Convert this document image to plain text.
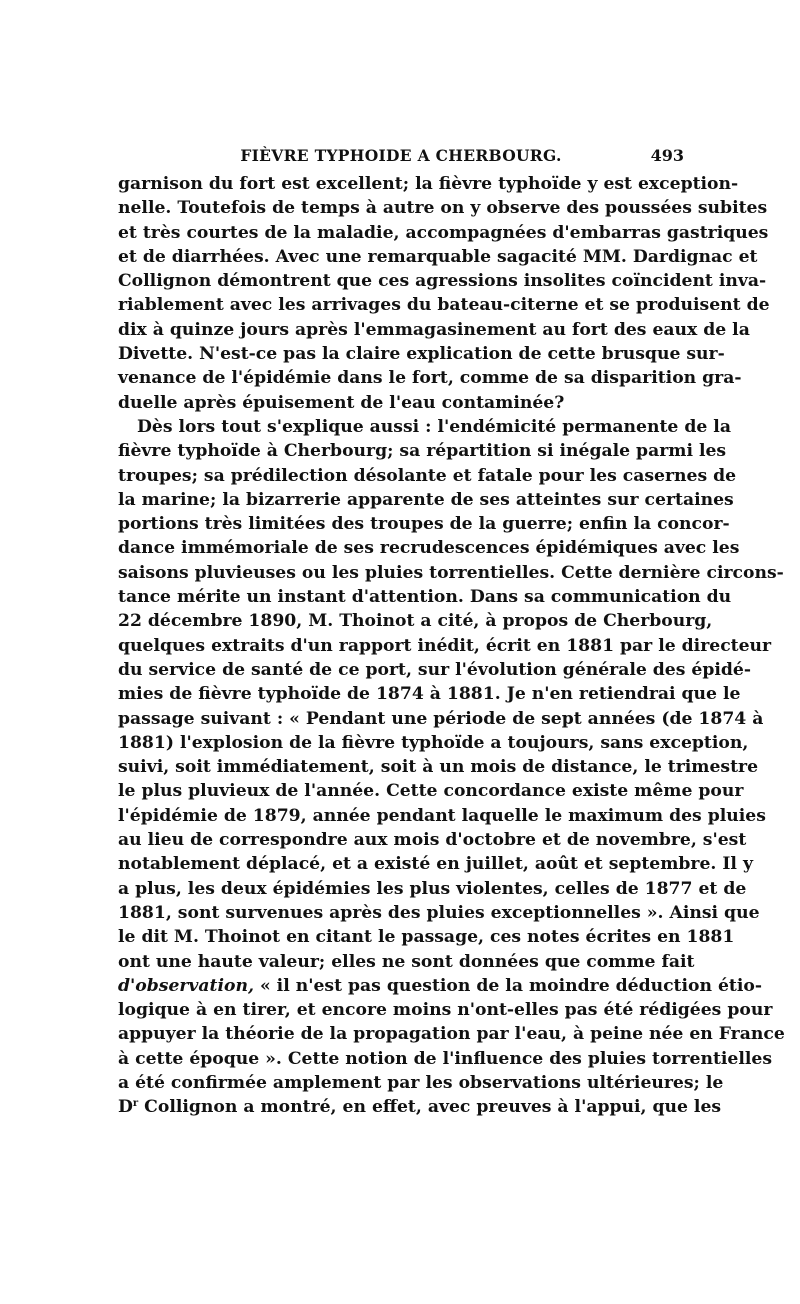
FIÈVRE TYPHOIDE A CHERBOURG.	493
garnison du fort est excellent; la fièvre typhoïde y est exception-
nelle. Toutefois de temps à autre on y observe des poussées subites
et très courtes de la maladie, accompagnées d'embarras gastriques
et de diarrhées. Avec une remarquable sagacité MM. Dardignac et
Collignon démontrent que ces agressions insolites coïncident inva-
riablement avec les arrivages du bateau-citerne et se produisent de
dix à quinze jours après l'emmagasinement au fort des eaux de la
Divette. N'est-ce pas la claire explication de cette brusque sur-
venance de l'épidémie dans le fort, comme de sa disparition gra-
duelle après épuisement de l'eau contaminée?
Dès lors tout s'explique aussi : l'endémicité permanente de la
fièvre typhoïde à Cherbourg; sa répartition si inégale parmi les
troupes; sa prédilection désolante et fatale pour les casernes de
la marine; la bizarrerie apparente de ses atteintes sur certaines
portions très limitées des troupes de la guerre; enfin la concor-
dance immémoriale de ses recrudescences épidémiques avec les
saisons pluvieuses ou les pluies torrentielles. Cette dernière circons-
tance mérite un instant d'attention. Dans sa communication du
22 décembre 1890, M. Thoinot a cité, à propos de Cherbourg,
quelques extraits d'un rapport inédit, écrit en 1881 par le directeur
du service de santé de ce port, sur l'évolution générale des épidé-
mies de fièvre typhoïde de 1874 à 1881. Je n'en retiendrai que le
passage suivant : « Pendant une période de sept années (de 1874 à
1881) l'explosion de la fièvre typhoïde a toujours, sans exception,
suivi, soit immédiatement, soit à un mois de distance, le trimestre
le plus pluvieux de l'année. Cette concordance existe même pour
l'épidémie de 1879, année pendant laquelle le maximum des pluies
au lieu de correspondre aux mois d'octobre et de novembre, s'est
notablement déplacé, et a existé en juillet, août et septembre. Il y
a plus, les deux épidémies les plus violentes, celles de 1877 et de
1881, sont survenues après des pluies exceptionnelles ». Ainsi que
le dit M. Thoinot en citant le passage, ces notes écrites en 1881
ont une haute valeur; elles ne sont données que comme fait
d'observation, « il n'est pas question de la moindre déduction étio-
logique à en tirer, et encore moins n'ont-elles pas été rédigées pour
appuyer la théorie de la propagation par l'eau, à peine née en France
à cette époque ». Cette notion de l'influence des pluies torrentielles
a été confirmée amplement par les observations ultérieures; le
$D^r$ Collignon a montré, en effet, avec preuves à l'appui, que les
